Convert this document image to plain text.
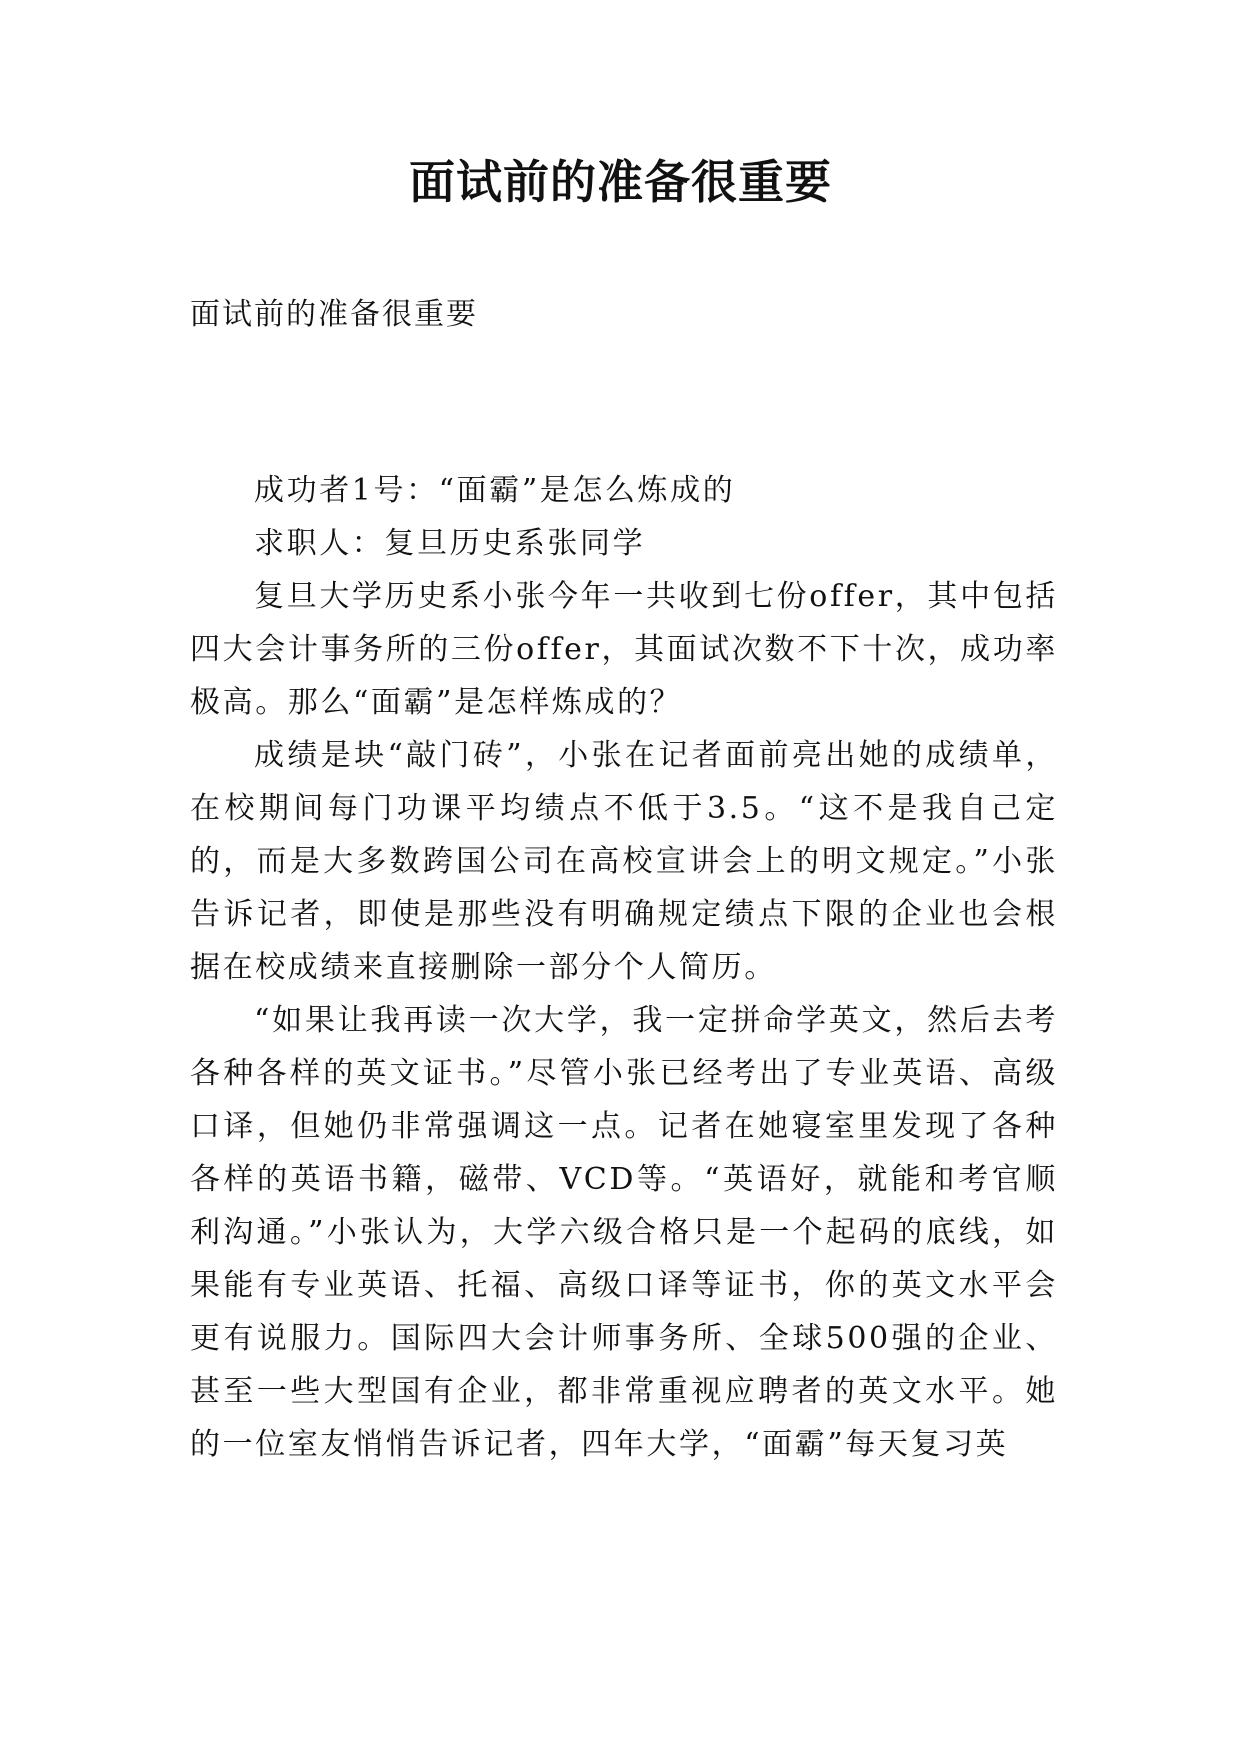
面试前的准备很重要

面试前的准备很重要

成功者1号：“面霸”是怎么炼成的

求职人：复旦历史系张同学

复旦大学历史系小张今年一共收到七份offer，其中包括四大会计事务所的三份offer，其面试次数不下十次，成功率极高。那么“面霸”是怎样炼成的？

成绩是块“敲门砖”，小张在记者面前亮出她的成绩单，在校期间每门功课平均绩点不低于3.5。“这不是我自己定的，而是大多数跨国公司在高校宣讲会上的明文规定。”小张告诉记者，即使是那些没有明确规定绩点下限的企业也会根据在校成绩来直接删除一部分个人简历。

“如果让我再读一次大学，我一定拼命学英文，然后去考各种各样的英文证书。”尽管小张已经考出了专业英语、高级口译，但她仍非常强调这一点。记者在她寝室里发现了各种各样的英语书籍，磁带、VCD等。“英语好，就能和考官顺利沟通。”小张认为，大学六级合格只是一个起码的底线，如果能有专业英语、托福、高级口译等证书，你的英文水平会更有说服力。国际四大会计师事务所、全球500强的企业、甚至一些大型国有企业，都非常重视应聘者的英文水平。她的一位室友悄悄告诉记者，四年大学，“面霸”每天复习英
